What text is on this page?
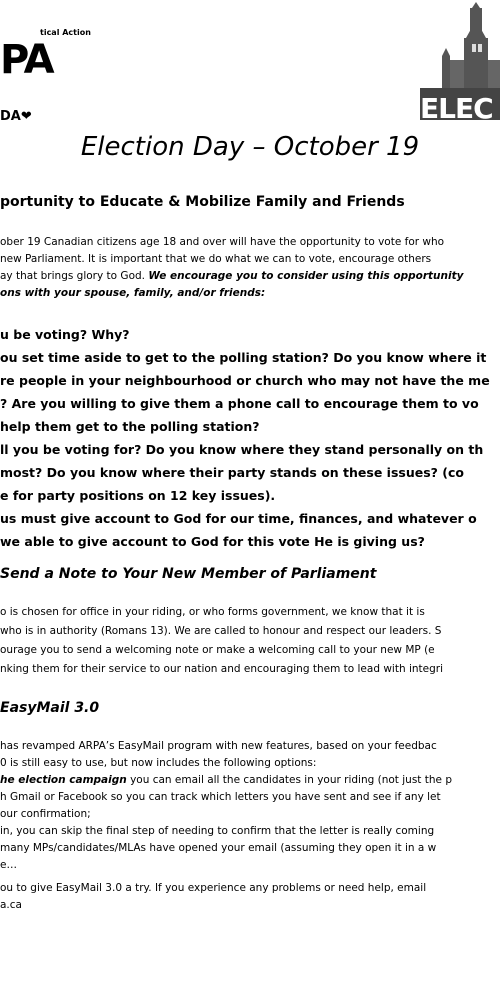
tical Action
PA
DA❤	ELEC
Election Day – October 19
portunity to Educate & Mobilize Family and Friends
ober 19 Canadian citizens age 18 and over will have the opportunity to vote for who
new Parliament. It is important that we do what we can to vote, encourage others
ay that brings glory to God. We encourage you to consider using this opportunity
ons with your spouse, family, and/or friends:
u be voting? Why?
ou set time aside to get to the polling station? Do you know where it
re people in your neighbourhood or church who may not have the me
? Are you willing to give them a phone call to encourage them to vo
help them get to the polling station?
ll you be voting for? Do you know where they stand personally on th
most? Do you know where their party stands on these issues? (co
e for party positions on 12 key issues).
us must give account to God for our time, finances, and whatever o
we able to give account to God for this vote He is giving us?
Send a Note to Your New Member of Parliament
o is chosen for office in your riding, or who forms government, we know that it is
who is in authority (Romans 13). We are called to honour and respect our leaders. S
ourage you to send a welcoming note or make a welcoming call to your new MP (e
nking them for their service to our nation and encouraging them to lead with integri
EasyMail 3.0
has revamped ARPA’s EasyMail program with new features, based on your feedbac
0 is still easy to use, but now includes the following options:
he election campaign you can email all the candidates in your riding (not just the p
h Gmail or Facebook so you can track which letters you have sent and see if any let
our confirmation;
in, you can skip the final step of needing to confirm that the letter is really coming
many MPs/candidates/MLAs have opened your email (assuming they open it in a w
e…
ou to give EasyMail 3.0 a try. If you experience any problems or need help, email
a.ca
